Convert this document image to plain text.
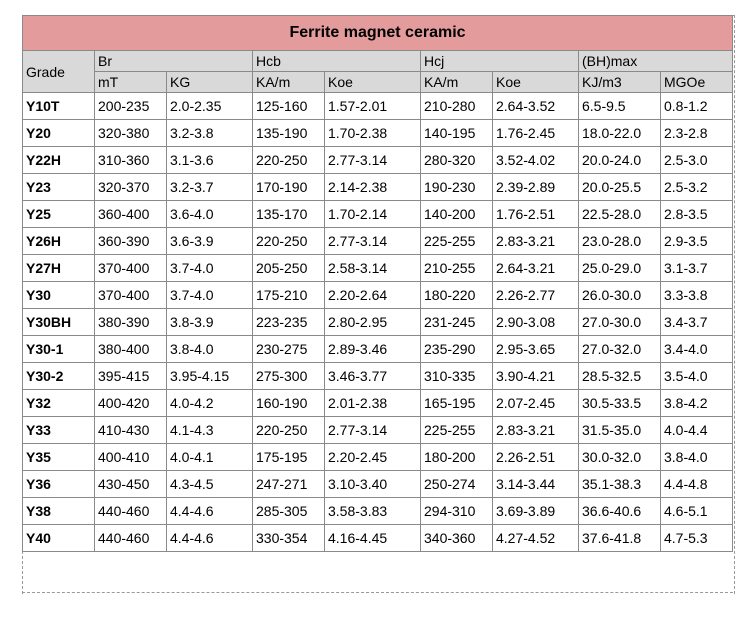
Ferrite magnet ceramic								
Grade	Br		Hcb		Hcj		(BH)max	
	mT	KG	KA/m	Koe	KA/m	Koe	KJ/m3	MGOe
Y10T	200-235	2.0-2.35	125-160	1.57-2.01	210-280	2.64-3.52	6.5-9.5	0.8-1.2
Y20	320-380	3.2-3.8	135-190	1.70-2.38	140-195	1.76-2.45	18.0-22.0	2.3-2.8
Y22H	310-360	3.1-3.6	220-250	2.77-3.14	280-320	3.52-4.02	20.0-24.0	2.5-3.0
Y23	320-370	3.2-3.7	170-190	2.14-2.38	190-230	2.39-2.89	20.0-25.5	2.5-3.2
Y25	360-400	3.6-4.0	135-170	1.70-2.14	140-200	1.76-2.51	22.5-28.0	2.8-3.5
Y26H	360-390	3.6-3.9	220-250	2.77-3.14	225-255	2.83-3.21	23.0-28.0	2.9-3.5
Y27H	370-400	3.7-4.0	205-250	2.58-3.14	210-255	2.64-3.21	25.0-29.0	3.1-3.7
Y30	370-400	3.7-4.0	175-210	2.20-2.64	180-220	2.26-2.77	26.0-30.0	3.3-3.8
Y30BH	380-390	3.8-3.9	223-235	2.80-2.95	231-245	2.90-3.08	27.0-30.0	3.4-3.7
Y30-1	380-400	3.8-4.0	230-275	2.89-3.46	235-290	2.95-3.65	27.0-32.0	3.4-4.0
Y30-2	395-415	3.95-4.15	275-300	3.46-3.77	310-335	3.90-4.21	28.5-32.5	3.5-4.0
Y32	400-420	4.0-4.2	160-190	2.01-2.38	165-195	2.07-2.45	30.5-33.5	3.8-4.2
Y33	410-430	4.1-4.3	220-250	2.77-3.14	225-255	2.83-3.21	31.5-35.0	4.0-4.4
Y35	400-410	4.0-4.1	175-195	2.20-2.45	180-200	2.26-2.51	30.0-32.0	3.8-4.0
Y36	430-450	4.3-4.5	247-271	3.10-3.40	250-274	3.14-3.44	35.1-38.3	4.4-4.8
Y38	440-460	4.4-4.6	285-305	3.58-3.83	294-310	3.69-3.89	36.6-40.6	4.6-5.1
Y40	440-460	4.4-4.6	330-354	4.16-4.45	340-360	4.27-4.52	37.6-41.8	4.7-5.3
